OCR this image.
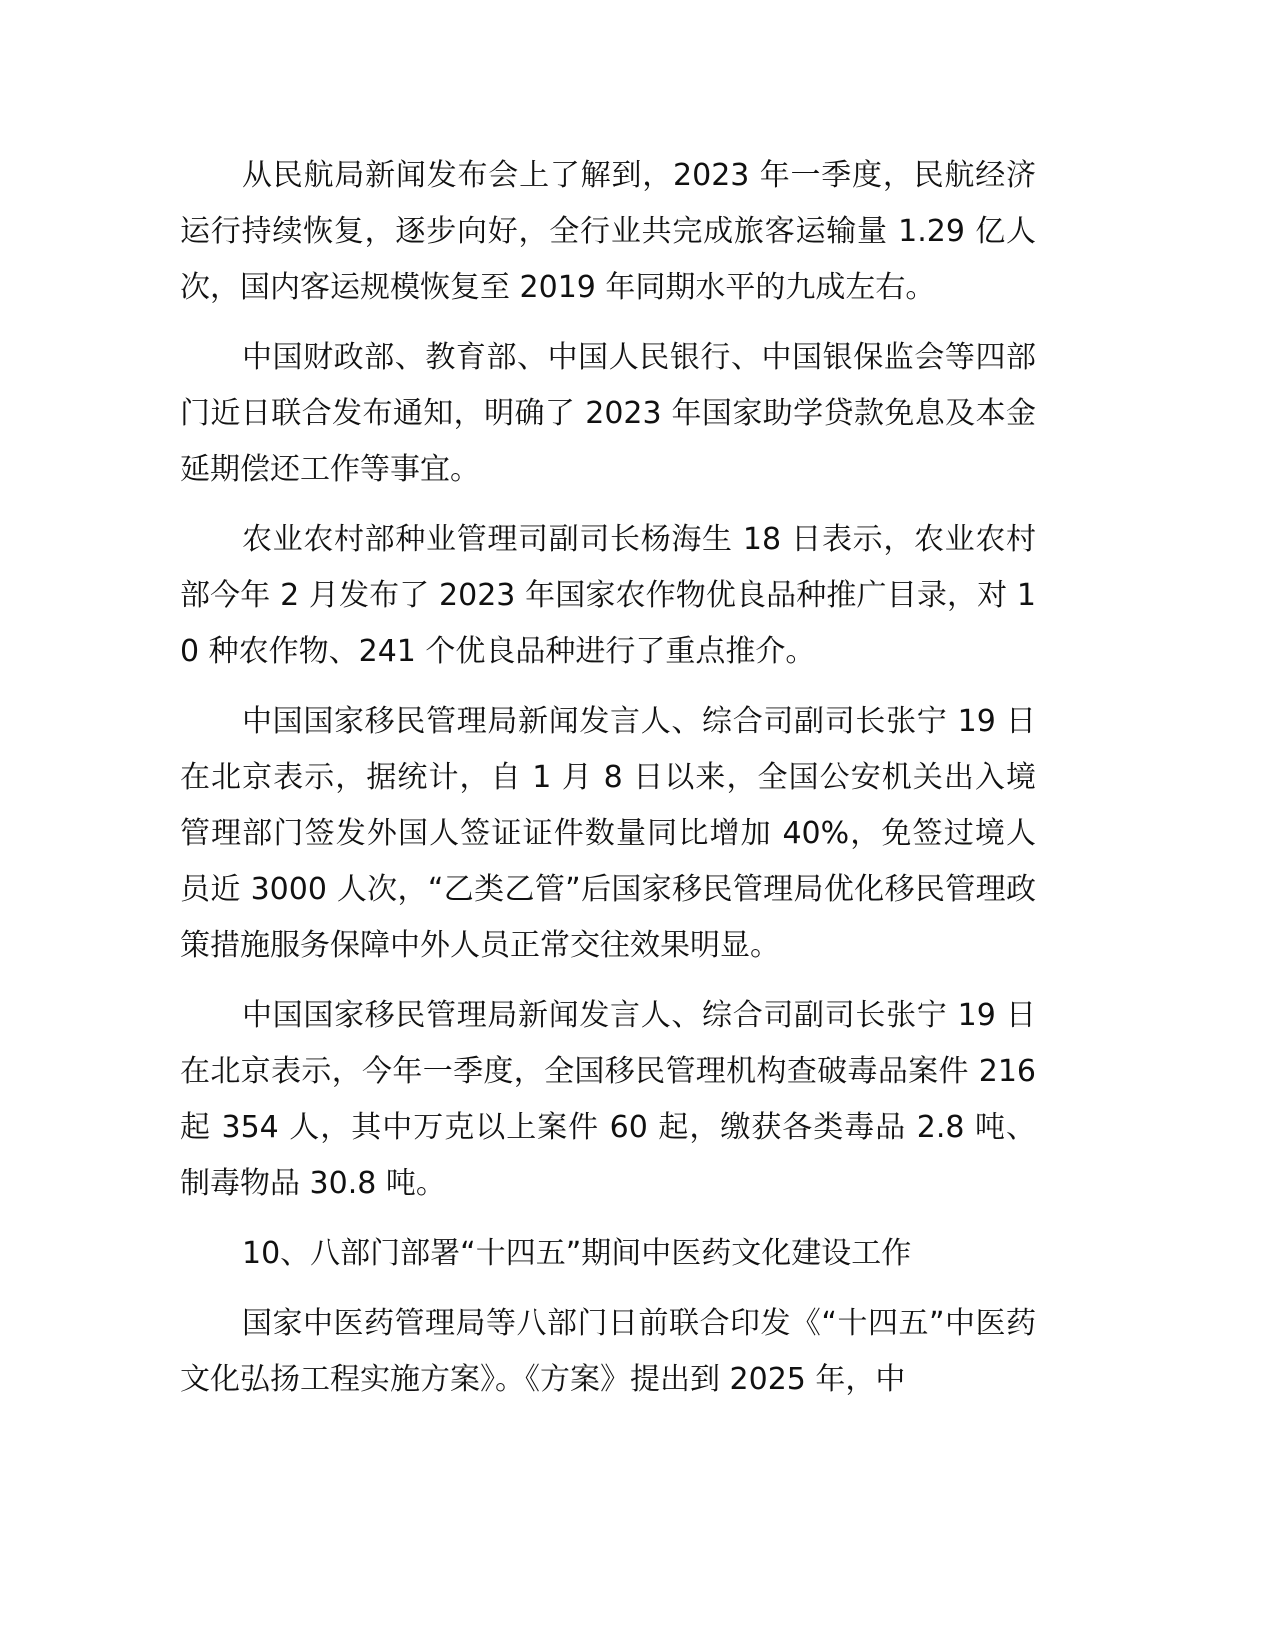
从民航局新闻发布会上了解到，2023 年一季度，民航经济运行持续恢复，逐步向好，全行业共完成旅客运输量 1.29 亿人次，国内客运规模恢复至 2019 年同期水平的九成左右。

中国财政部、教育部、中国人民银行、中国银保监会等四部门近日联合发布通知，明确了 2023 年国家助学贷款免息及本金延期偿还工作等事宜。

农业农村部种业管理司副司长杨海生 18 日表示，农业农村部今年 2 月发布了 2023 年国家农作物优良品种推广目录，对 10 种农作物、241 个优良品种进行了重点推介。

中国国家移民管理局新闻发言人、综合司副司长张宁 19 日在北京表示，据统计，自 1 月 8 日以来，全国公安机关出入境管理部门签发外国人签证证件数量同比增加 40%，免签过境人员近 3000 人次，“乙类乙管”后国家移民管理局优化移民管理政策措施服务保障中外人员正常交往效果明显。

中国国家移民管理局新闻发言人、综合司副司长张宁 19 日在北京表示，今年一季度，全国移民管理机构查破毒品案件 216 起 354 人，其中万克以上案件 60 起，缴获各类毒品 2.8 吨、制毒物品 30.8 吨。

10、八部门部署“十四五”期间中医药文化建设工作

国家中医药管理局等八部门日前联合印发《“十四五”中医药文化弘扬工程实施方案》。《方案》提出到 2025 年，中
